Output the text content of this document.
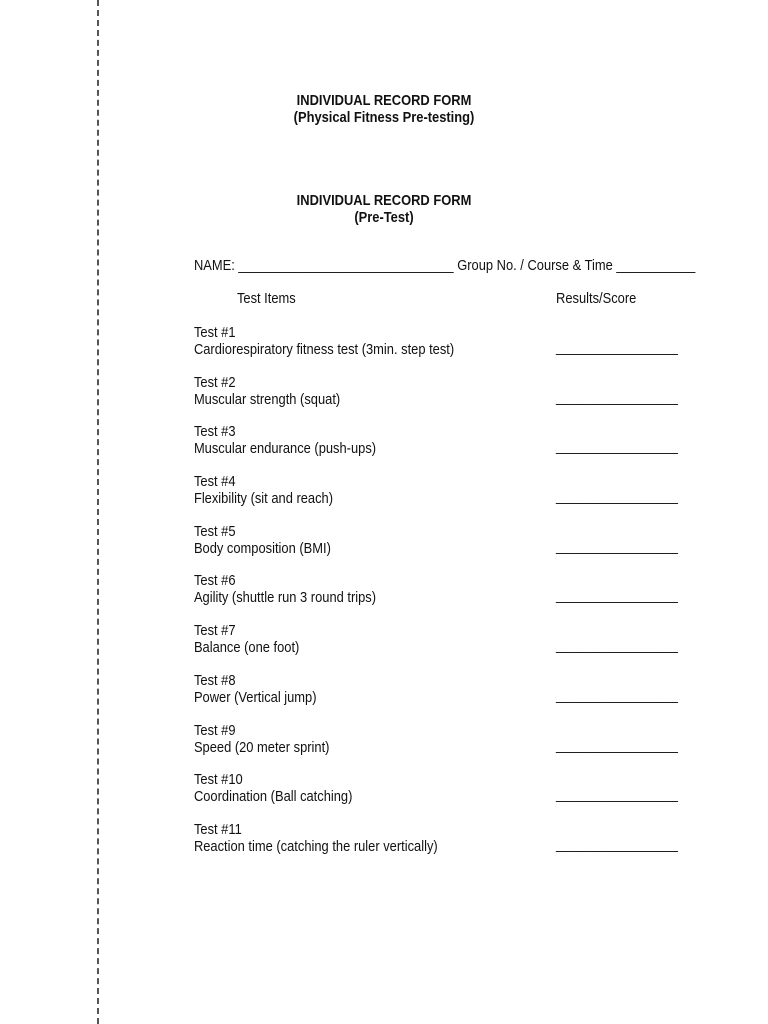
INDIVIDUAL RECORD FORM
(Physical Fitness Pre-testing)
INDIVIDUAL RECORD FORM
(Pre-Test)
NAME: ______________________________ Group No. / Course & Time ___________
Test Items	Results/Score
Test #1
Cardiorespiratory fitness test (3min. step test)	_________________
Test #2
Muscular strength (squat)	_________________
Test #3
Muscular endurance (push-ups)	_________________
Test #4
Flexibility (sit and reach)	_________________
Test #5
Body composition (BMI)	_________________
Test #6
Agility (shuttle run 3 round trips)	_________________
Test #7
Balance (one foot)	_________________
Test #8
Power (Vertical jump)	_________________
Test #9
Speed (20 meter sprint)	_________________
Test #10
Coordination (Ball catching)	_________________
Test #11
Reaction time (catching the ruler vertically)	_________________
